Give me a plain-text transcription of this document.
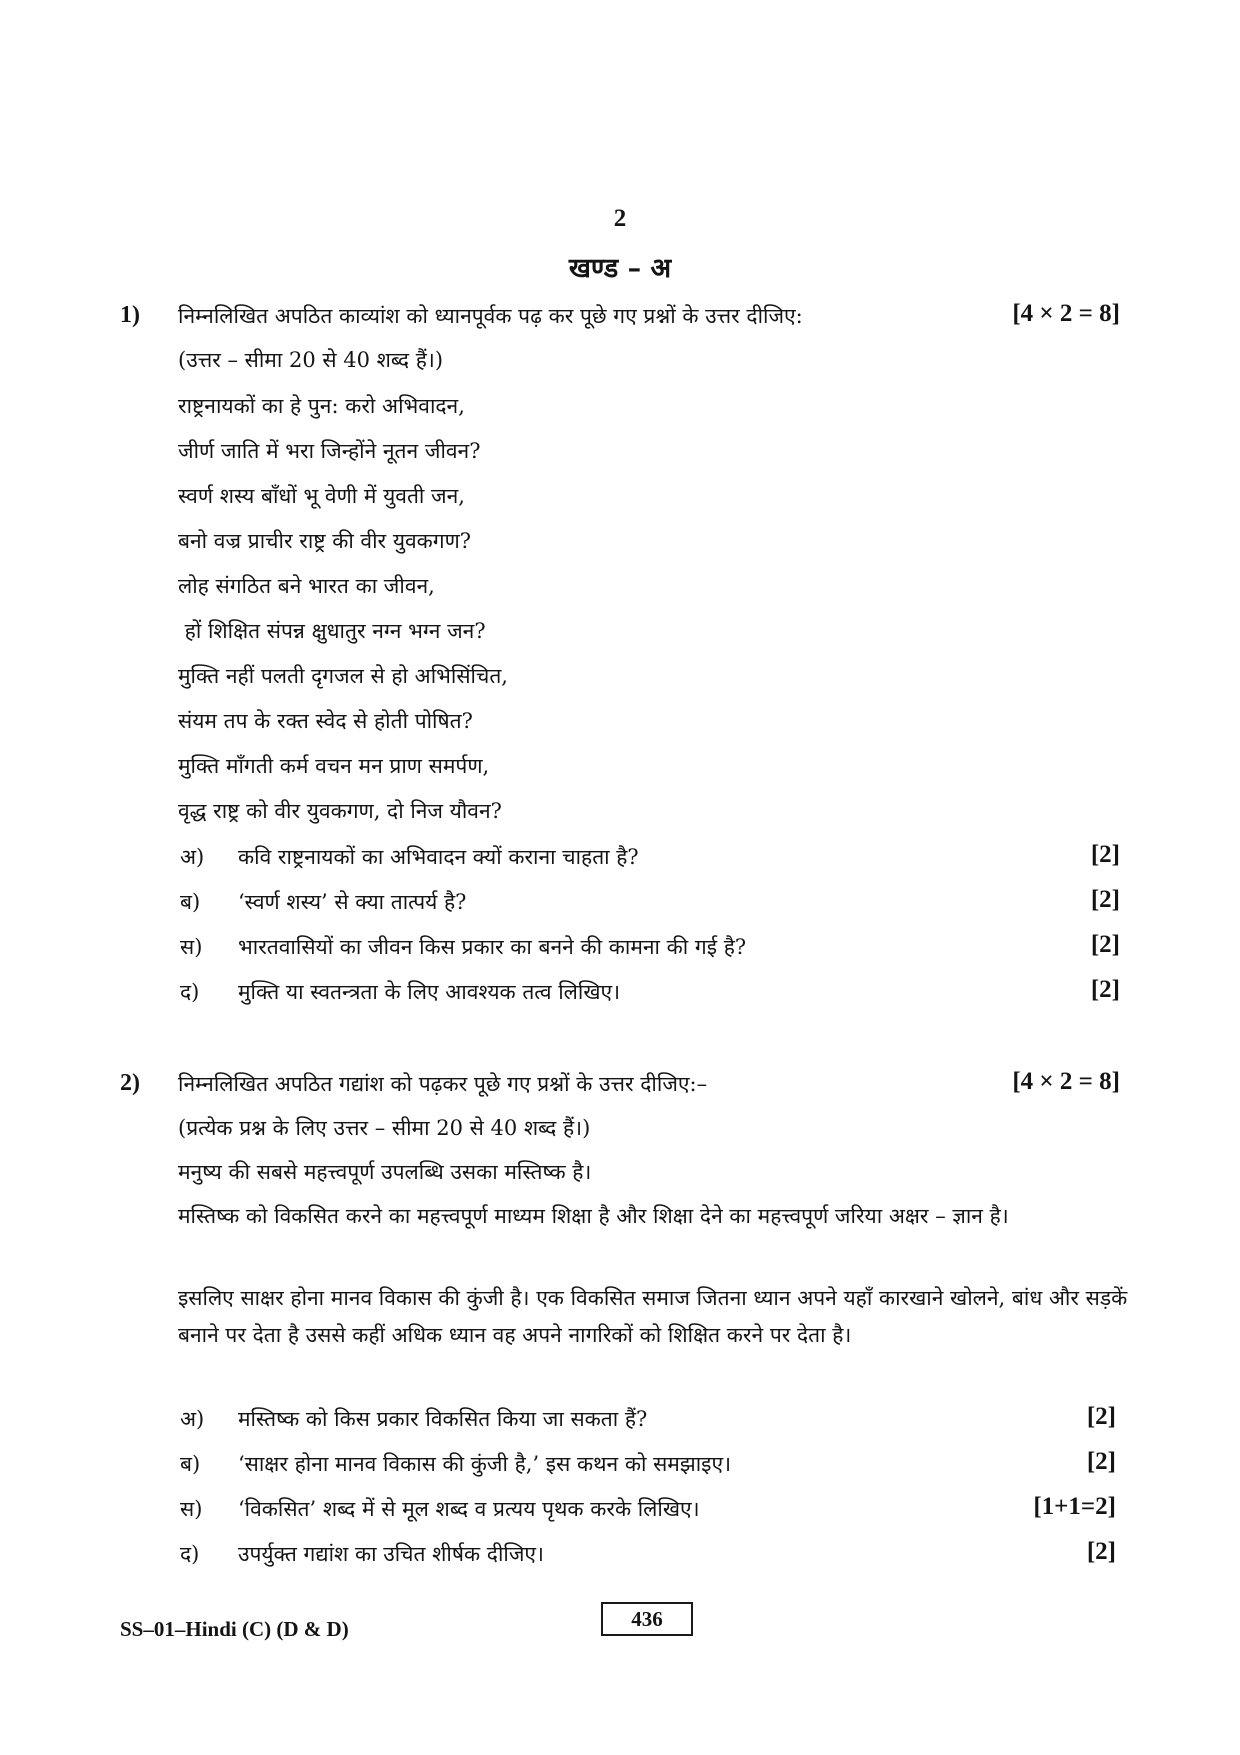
2
खण्ड – अ
1) निम्नलिखित अपठित काव्यांश को ध्यानपूर्वक पढ़ कर पूछे गए प्रश्नों के उत्तर दीजिए:	[4 × 2 = 8]
(उत्तर – सीमा 20 से 40 शब्द हैं।)
राष्ट्रनायकों का हे पुन: करो अभिवादन,
जीर्ण जाति में भरा जिन्होंने नूतन जीवन?
स्वर्ण शस्य बाँधों भू वेणी में युवती जन,
बनो वज्र प्राचीर राष्ट्र की वीर युवकगण?
लोह संगठित बने भारत का जीवन,
हों शिक्षित संपन्न क्षुधातुर नग्न भग्न जन?
मुक्ति नहीं पलती दृगजल से हो अभिसिंचित,
संयम तप के रक्त स्वेद से होती पोषित?
मुक्ति माँगती कर्म वचन मन प्राण समर्पण,
वृद्ध राष्ट्र को वीर युवकगण, दो निज यौवन?
अ) कवि राष्ट्रनायकों का अभिवादन क्यों कराना चाहता है?	[2]
ब) ‘स्वर्ण शस्य’ से क्या तात्पर्य है?	[2]
स) भारतवासियों का जीवन किस प्रकार का बनने की कामना की गई है?	[2]
द) मुक्ति या स्वतन्त्रता के लिए आवश्यक तत्व लिखिए।	[2]
2) निम्नलिखित अपठित गद्यांश को पढ़कर पूछे गए प्रश्नों के उत्तर दीजिए:–	[4 × 2 = 8]
(प्रत्येक प्रश्न के लिए उत्तर – सीमा 20 से 40 शब्द हैं।)
मनुष्य की सबसे महत्त्वपूर्ण उपलब्धि उसका मस्तिष्क है।
मस्तिष्क को विकसित करने का महत्त्वपूर्ण माध्यम शिक्षा है और शिक्षा देने का महत्त्वपूर्ण जरिया अक्षर – ज्ञान है।
इसलिए साक्षर होना मानव विकास की कुंजी है। एक विकसित समाज जितना ध्यान अपने यहाँ कारखाने खोलने, बांध और सड़कें बनाने पर देता है उससे कहीं अधिक ध्यान वह अपने नागरिकों को शिक्षित करने पर देता है।
अ) मस्तिष्क को किस प्रकार विकसित किया जा सकता हैं?	[2]
ब) ‘साक्षर होना मानव विकास की कुंजी है,’ इस कथन को समझाइए।	[2]
स) ‘विकसित’ शब्द में से मूल शब्द व प्रत्यय पृथक करके लिखिए।	[1+1=2]
द) उपर्युक्त गद्यांश का उचित शीर्षक दीजिए।	[2]
SS–01–Hindi (C) (D & D)	436
